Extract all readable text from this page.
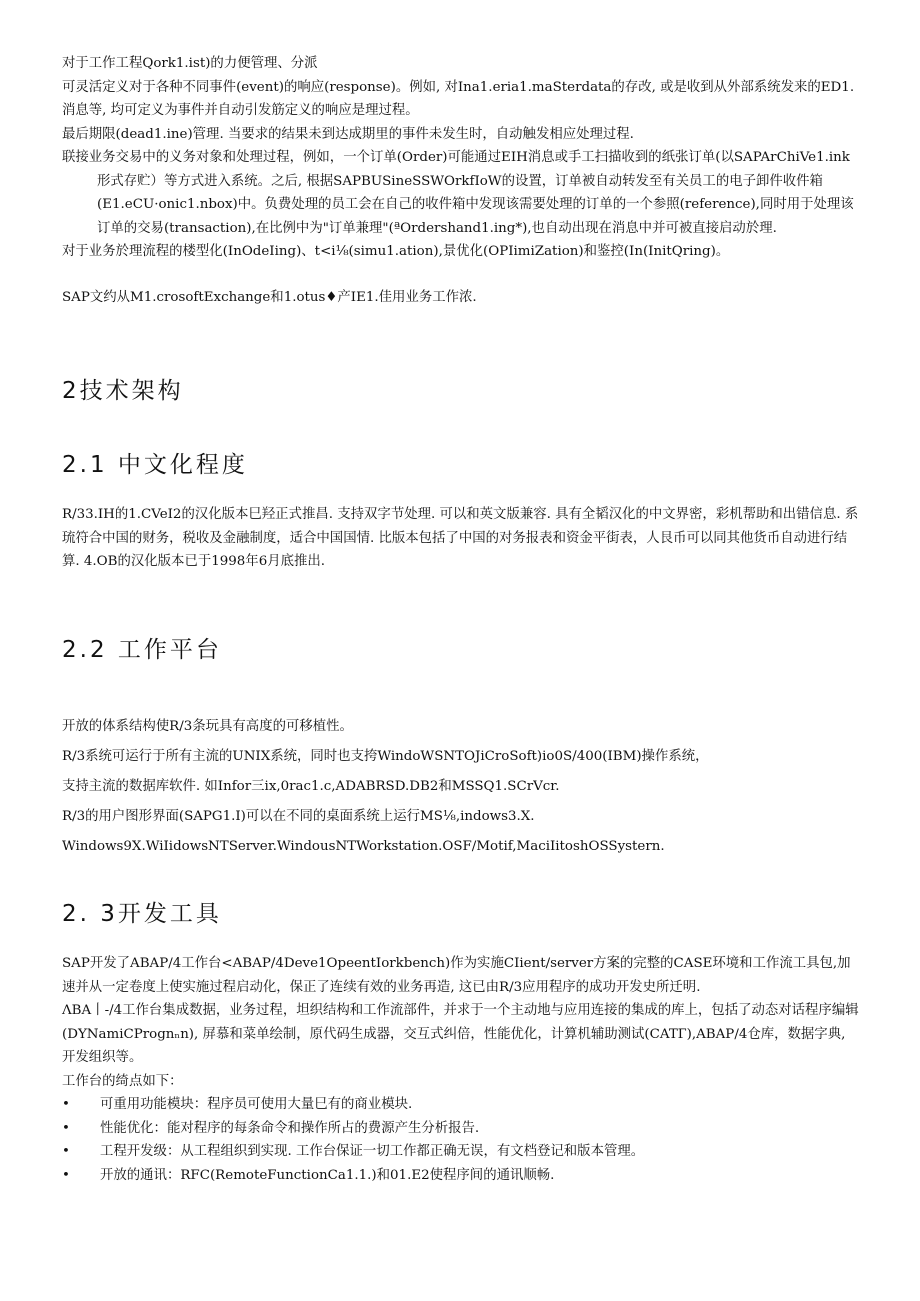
对于工作工程Qork1.ist)的力便管理、分派

可灵活定义对于各种不同事件(event)的响应(response)。例如, 对Ina1.eria1.maSterdata的存改, 或是收到从外部系统发来的ED1.消息等, 均可定义为事件并自动引发筋定义的响应是理过程。

最后期限(dead1.ine)管理. 当要求的结果未到达成期里的事件未发生时，自动触发相应处理过程.

联接业务交易中的义务对象和处理过程，例如，一个订单(Order)可能通过EIH消息或手工扫描收到的纸张订单(以SAPArChiVe1.ink形式存贮）等方式进入系统。之后, 根据SAPBUSineSSWOrkfIoW的设置，订单被自动转发至有关员工的电子卸件收件箱(E1.eCU·onic1.nbox)中。负费处理的员工会在自己的收件箱中发现该需要处理的订单的一个参照(reference),同时用于处理该订单的交易(transaction),在比例中为"订单兼理"(ªOrdershand1.ing*),也自动出现在消息中并可被直接启动於理.

对于业务於理流程的楼型化(InOdeIing)、t<i⅛(simu1.ation),景优化(OPIimiZation)和鉴控(In(InitQring)。

SAP文约从M1.crosoftExchange和1.otus♦产IE1.佳用业务工作浓.

2技术架构
2.1 中文化程度

R∕33.IH的1.CVeI2的汉化版本巳羟正式推昌. 支持双字节处理. 可以和英文版兼容. 具有全韬汉化的中文界密，彩机帮助和出错信息. 系琉符合中国的财务，税收及金融制度，适合中国国情. 比版本包括了中国的对务报表和资金平街表，人艮币可以同其他货币自动进行结算. 4.OB的汉化版本已于1998年6月底推出.

2.2 工作平台

开放的体系结构使R/3条玩具有高度的可移植性。

R/3系统可运行于所有主流的UNIX系统，同时也支挎WindoWSNTOJiCroSoft)io0S∕400(IBM)操作系统，

支持主流的数据库软件. 如Infor三ix,0rac1.c,ADABRSD.DB2和MSSQ1.SCrVcr.

R/3的用户图形界面(SAPG1.I)可以在不同的桌面系统上运行MS⅛,indows3.X.

Windows9X.WiIidowsNTServer.WindousNTWorkstation.OSF/Motif,MaciIitoshOSSystern.

2. 3开发工具

SAP开发了ABAP/4工作台<ABAP∕4Deve1OpeentIorkbench)作为实施CIient/server方案的完整的CASE环境和工作流工具包,加速并从一定卷度上使实施过程启动化，保正了连续有效的业务再造, 这已由R/3应用程序的成功开发史所迁明.

ΛBA丨-∕4工作台集成数据，业务过程，坦织结构和工作流部件，并求于一个主动地与应用连接的集成的库上，包括了动态对话程序编辑(DYNamiCPrognₙn), 屏慕和菜单绘制，原代码生成器，交互式纠倍，性能优化，计算机辅助测试(CATГ),ABAP/4仓库，数据字典, 开发组织等。

工作台的绮点如下：

• 可重用功能模块：程序员可使用大量巳有的商业模块.
• 性能优化：能对程序的每条命令和操作所占的费源产生分析报告.
• 工程开发级：从工程组织到实现. 工作台保证一切工作都正确无误，有文档登记和版本管理。
• 开放的通讯：RFC(RemoteFunctionCa1.1.)和01.E2使程序间的通讯顺畅.
